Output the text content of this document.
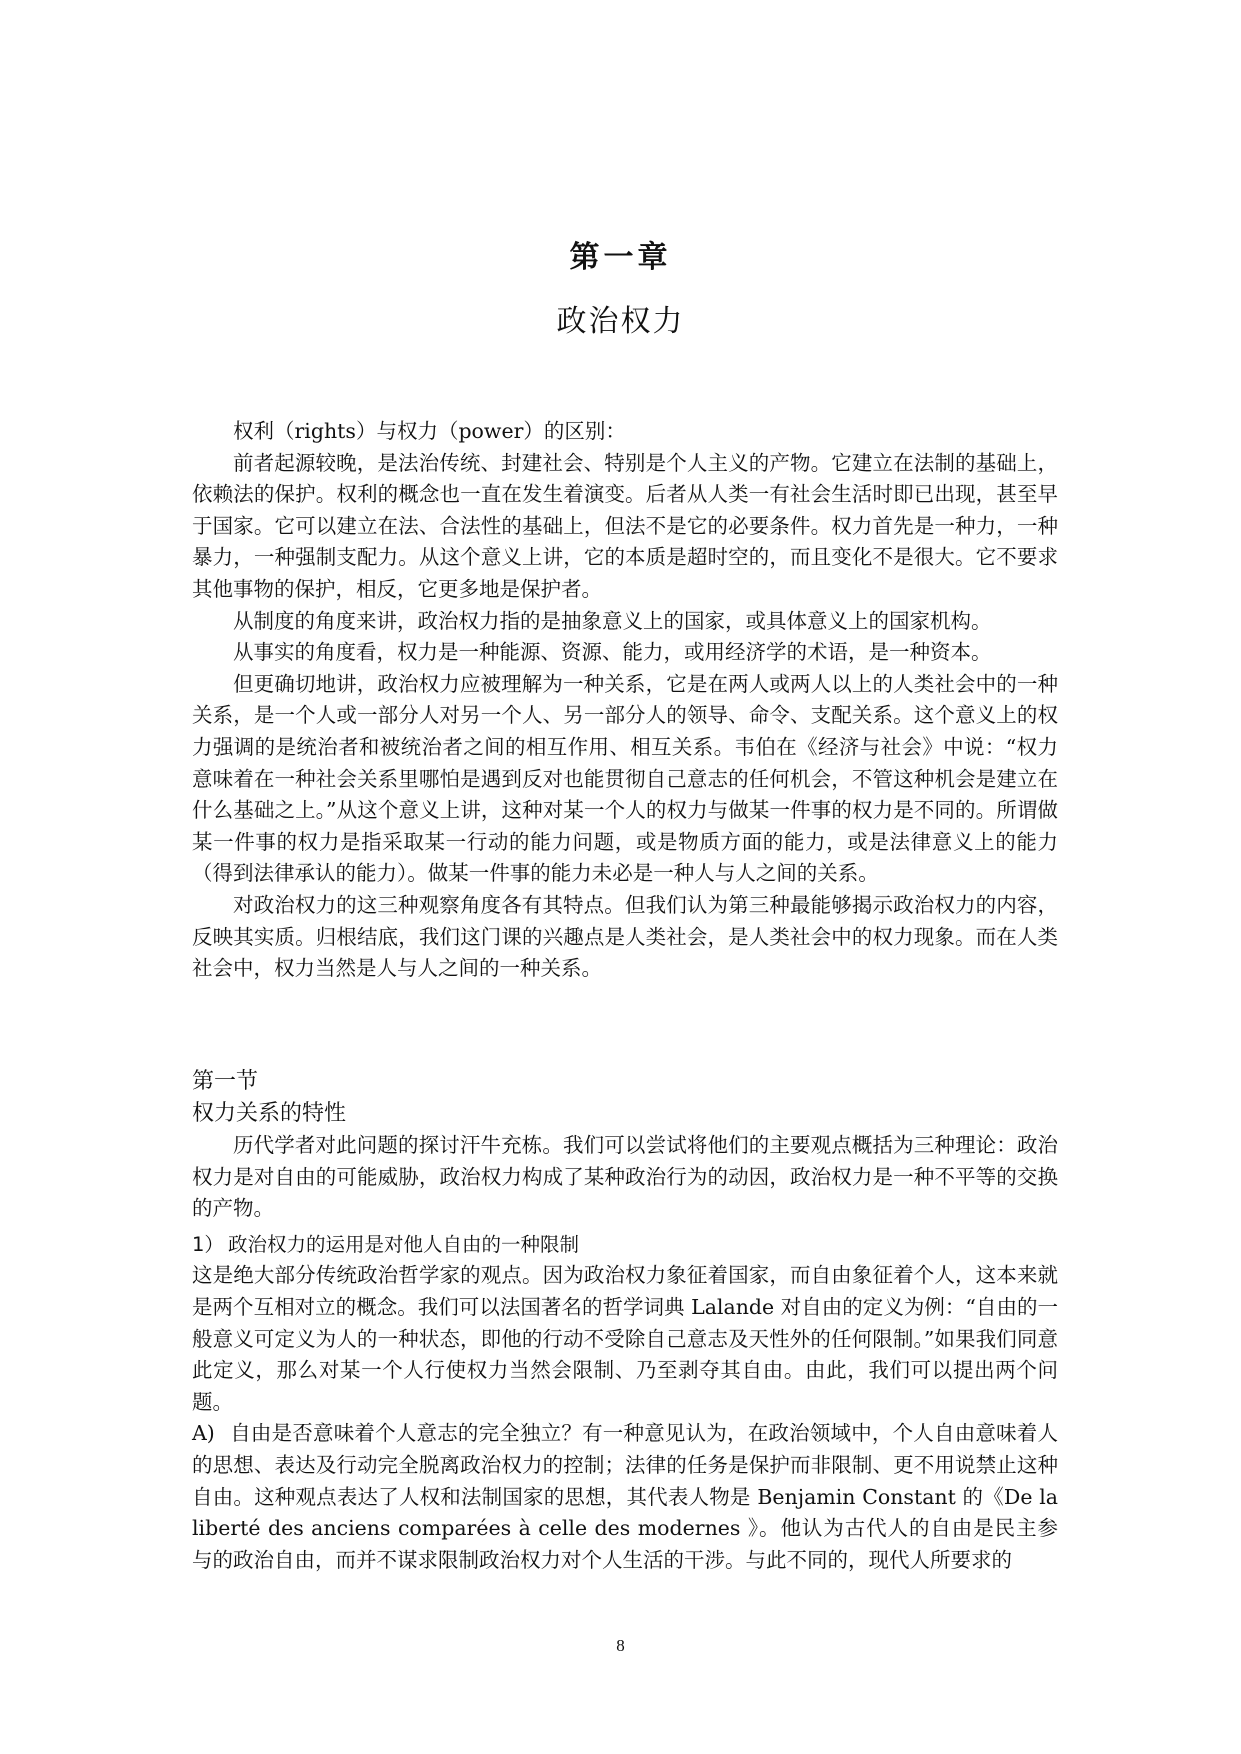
第一章
政治权力

权利（rights）与权力（power）的区别：

前者起源较晚，是法治传统、封建社会、特别是个人主义的产物。它建立在法制的基础上，依赖法的保护。权利的概念也一直在发生着演变。后者从人类一有社会生活时即已出现，甚至早于国家。它可以建立在法、合法性的基础上，但法不是它的必要条件。权力首先是一种力，一种暴力，一种强制支配力。从这个意义上讲，它的本质是超时空的，而且变化不是很大。它不要求其他事物的保护，相反，它更多地是保护者。

从制度的角度来讲，政治权力指的是抽象意义上的国家，或具体意义上的国家机构。

从事实的角度看，权力是一种能源、资源、能力，或用经济学的术语，是一种资本。

但更确切地讲，政治权力应被理解为一种关系，它是在两人或两人以上的人类社会中的一种关系，是一个人或一部分人对另一个人、另一部分人的领导、命令、支配关系。这个意义上的权力强调的是统治者和被统治者之间的相互作用、相互关系。韦伯在《经济与社会》中说：“权力意味着在一种社会关系里哪怕是遇到反对也能贯彻自己意志的任何机会，不管这种机会是建立在什么基础之上。”从这个意义上讲，这种对某一个人的权力与做某一件事的权力是不同的。所谓做某一件事的权力是指采取某一行动的能力问题，或是物质方面的能力，或是法律意义上的能力（得到法律承认的能力）。做某一件事的能力未必是一种人与人之间的关系。

对政治权力的这三种观察角度各有其特点。但我们认为第三种最能够揭示政治权力的内容，反映其实质。归根结底，我们这门课的兴趣点是人类社会，是人类社会中的权力现象。而在人类社会中，权力当然是人与人之间的一种关系。

第一节
权力关系的特性

历代学者对此问题的探讨汗牛充栋。我们可以尝试将他们的主要观点概括为三种理论：政治权力是对自由的可能威胁，政治权力构成了某种政治行为的动因，政治权力是一种不平等的交换的产物。

1） 政治权力的运用是对他人自由的一种限制

这是绝大部分传统政治哲学家的观点。因为政治权力象征着国家，而自由象征着个人，这本来就是两个互相对立的概念。我们可以法国著名的哲学词典 Lalande 对自由的定义为例：“自由的一般意义可定义为人的一种状态，即他的行动不受除自己意志及天性外的任何限制。”如果我们同意此定义，那么对某一个人行使权力当然会限制、乃至剥夺其自由。由此，我们可以提出两个问题。

A) 自由是否意味着个人意志的完全独立？有一种意见认为，在政治领域中，个人自由意味着人的思想、表达及行动完全脱离政治权力的控制；法律的任务是保护而非限制、更不用说禁止这种自由。这种观点表达了人权和法制国家的思想，其代表人物是 Benjamin Constant 的《De la liberté des anciens comparées à celle des modernes 》。他认为古代人的自由是民主参与的政治自由，而并不谋求限制政治权力对个人生活的干涉。与此不同的，现代人所要求的

8
